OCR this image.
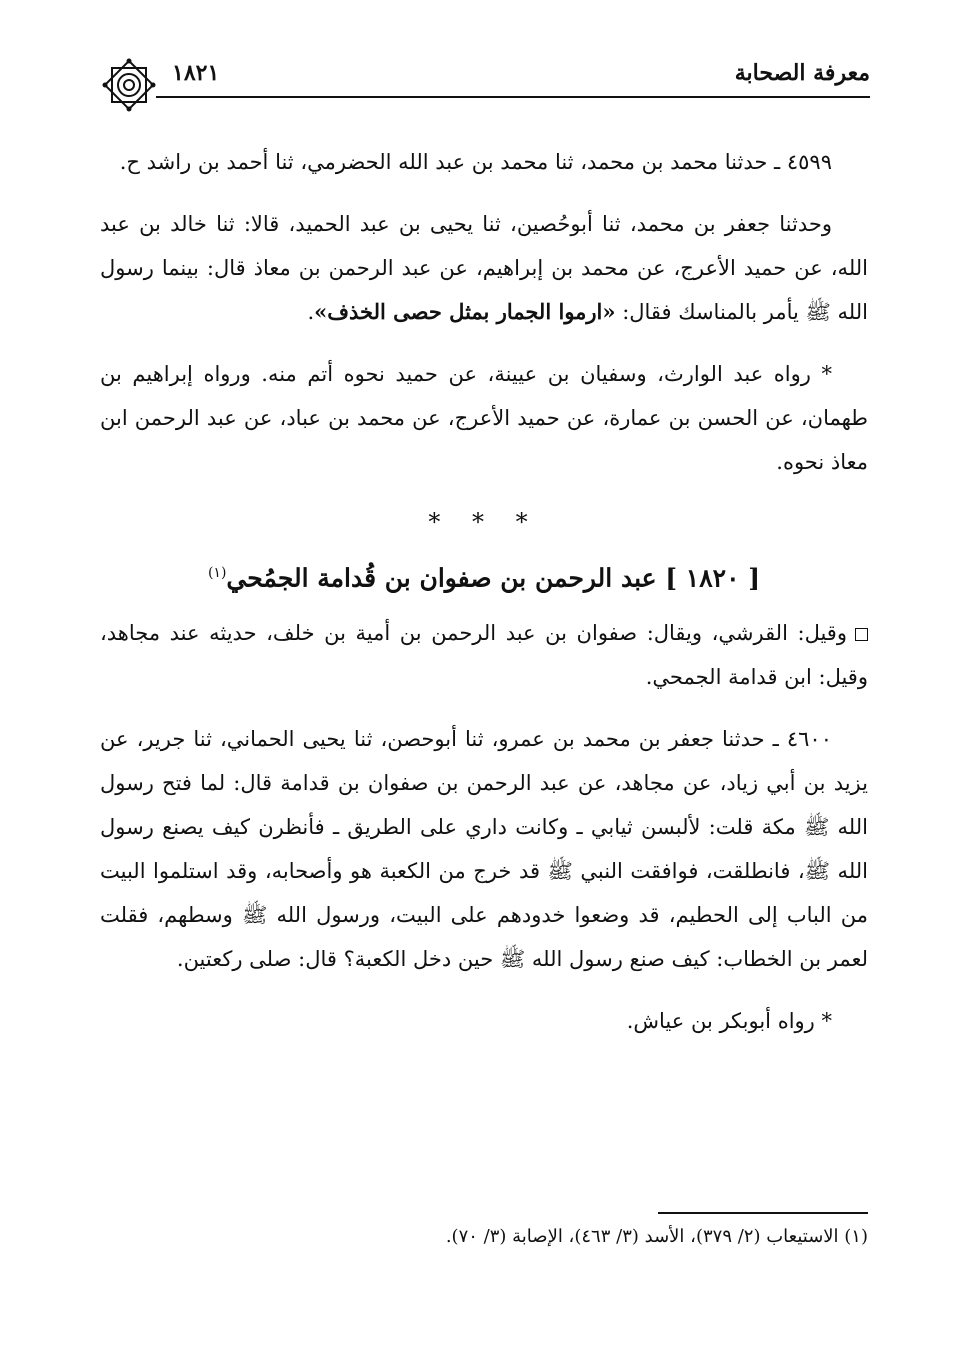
١٨٢١	معرفة الصحابة

٤٥٩٩ ـ حدثنا محمد بن محمد، ثنا محمد بن عبد الله الحضرمي، ثنا أحمد بن راشد ح.

وحدثنا جعفر بن محمد، ثنا أبوحُصين، ثنا يحيى بن عبد الحميد، قالا: ثنا خالد بن عبد الله، عن حميد الأعرج، عن محمد بن إبراهيم، عن عبد الرحمن بن معاذ قال: بينما رسول الله ﷺ يأمر بالمناسك فقال: «ارموا الجمار بمثل حصى الخذف».

* رواه عبد الوارث، وسفيان بن عيينة، عن حميد نحوه أتم منه. ورواه إبراهيم بن طهمان، عن الحسن بن عمارة، عن حميد الأعرج، عن محمد بن عباد، عن عبد الرحمن ابن معاذ نحوه.

* * *
[ ١٨٢٠ ] عبد الرحمن بن صفوان بن قُدامة الجمُحي$^{(١)}$

وقيل: القرشي، ويقال: صفوان بن عبد الرحمن بن أمية بن خلف، حديثه عند مجاهد، وقيل: ابن قدامة الجمحي.

٤٦٠٠ ـ حدثنا جعفر بن محمد بن عمرو، ثنا أبوحصن، ثنا يحيى الحماني، ثنا جرير، عن يزيد بن أبي زياد، عن مجاهد، عن عبد الرحمن بن صفوان بن قدامة قال: لما فتح رسول الله ﷺ مكة قلت: لألبسن ثيابي ـ وكانت داري على الطريق ـ فأنظرن كيف يصنع رسول الله ﷺ، فانطلقت، فوافقت النبي ﷺ قد خرج من الكعبة هو وأصحابه، وقد استلموا البيت من الباب إلى الحطيم، قد وضعوا خدودهم على البيت، ورسول الله ﷺ وسطهم، فقلت لعمر بن الخطاب: كيف صنع رسول الله ﷺ حين دخل الكعبة؟ قال: صلى ركعتين.

* رواه أبوبكر بن عياش.

(١) الاستيعاب (٢/ ٣٧٩)، الأسد (٣/ ٤٦٣)، الإصابة (٣/ ٧٠).
